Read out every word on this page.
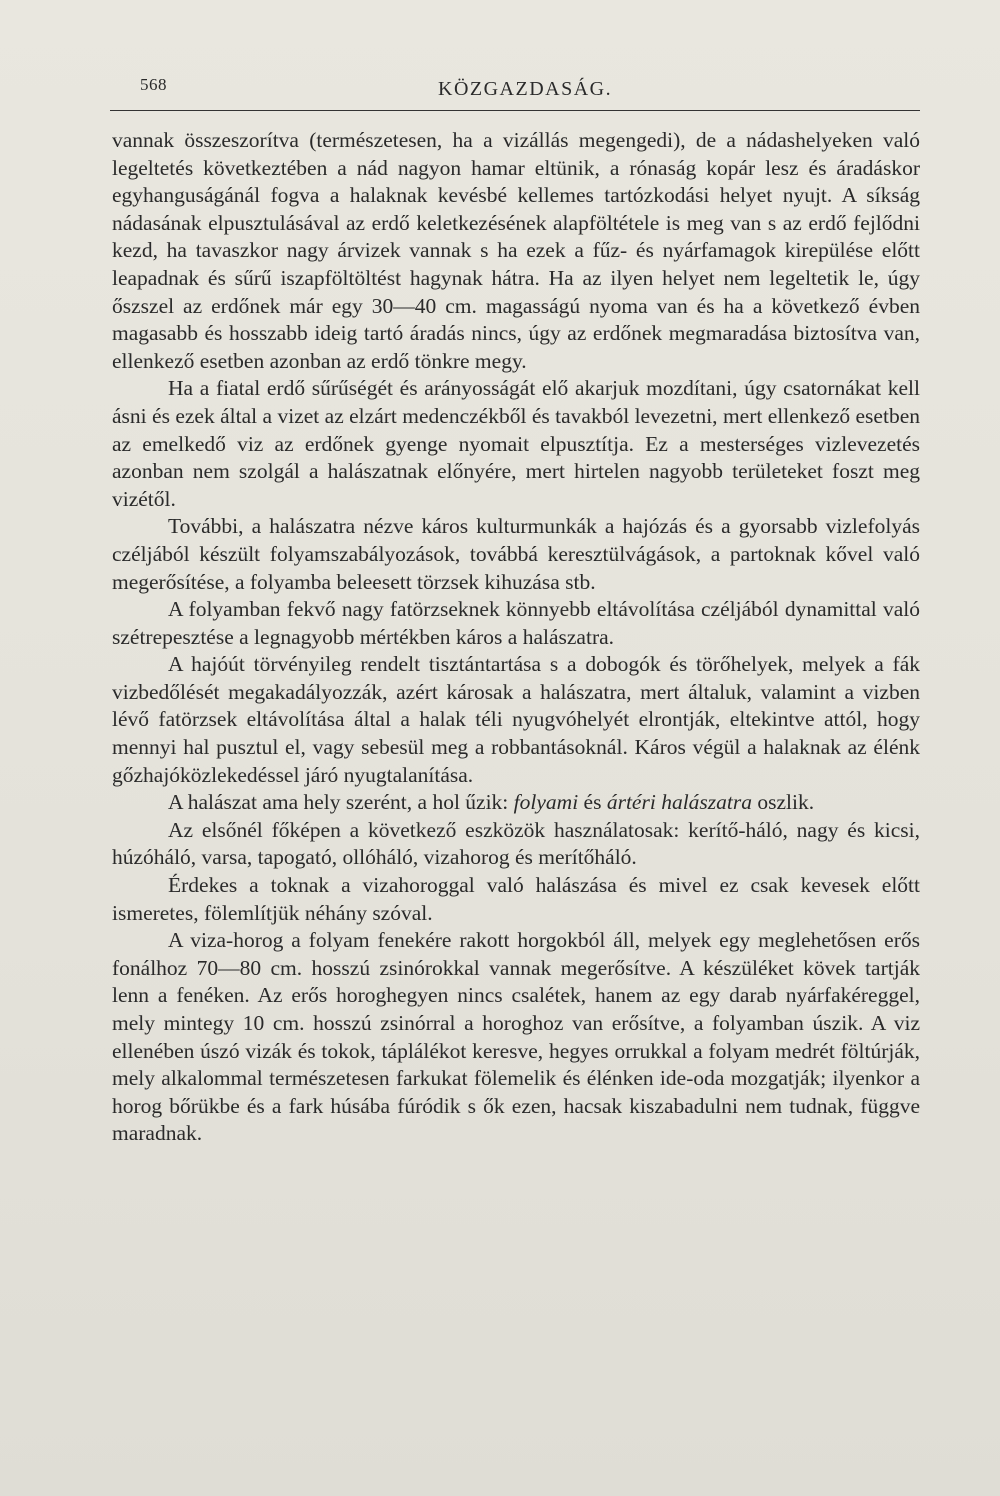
568	KÖZGAZDASÁG.

vannak összeszorítva (természetesen, ha a vizállás megengedi), de a nádashelyeken való legeltetés következtében a nád nagyon hamar eltünik, a rónaság kopár lesz és áradáskor egyhanguságánál fogva a halaknak kevésbé kellemes tartózkodási helyet nyujt. A síkság nádasának elpusztulásával az erdő keletkezésének alapföltétele is meg van s az erdő fejlődni kezd, ha tavaszkor nagy árvizek vannak s ha ezek a fűz- és nyárfamagok kirepülése előtt leapadnak és sűrű iszapföltöltést hagynak hátra. Ha az ilyen helyet nem legeltetik le, úgy őszszel az erdőnek már egy 30—40 cm. magasságú nyoma van és ha a következő évben magasabb és hosszabb ideig tartó áradás nincs, úgy az erdőnek megmaradása biztosítva van, ellenkező esetben azonban az erdő tönkre megy.

Ha a fiatal erdő sűrűségét és arányosságát elő akarjuk mozdítani, úgy csatornákat kell ásni és ezek által a vizet az elzárt medenczékből és tavakból levezetni, mert ellenkező esetben az emelkedő viz az erdőnek gyenge nyomait elpusztítja. Ez a mesterséges vizlevezetés azonban nem szolgál a halászatnak előnyére, mert hirtelen nagyobb területeket foszt meg vizétől.

További, a halászatra nézve káros kulturmunkák a hajózás és a gyorsabb vizlefolyás czéljából készült folyamszabályozások, továbbá keresztülvágások, a partoknak kővel való megerősítése, a folyamba beleesett törzsek kihuzása stb.

A folyamban fekvő nagy fatörzseknek könnyebb eltávolítása czéljából dynamittal való szétrepesztése a legnagyobb mértékben káros a halászatra.

A hajóút törvényileg rendelt tisztántartása s a dobogók és törőhelyek, melyek a fák vizbedőlését megakadályozzák, azért károsak a halászatra, mert általuk, valamint a vizben lévő fatörzsek eltávolítása által a halak téli nyugvóhelyét elrontják, eltekintve attól, hogy mennyi hal pusztul el, vagy sebesül meg a robbantásoknál. Káros végül a halaknak az élénk gőzhajóközlekedéssel járó nyugtalanítása.

A halászat ama hely szerént, a hol űzik: folyami és ártéri halászatra oszlik.

Az elsőnél főképen a következő eszközök használatosak: kerítő-háló, nagy és kicsi, húzóháló, varsa, tapogató, ollóháló, vizahorog és merítőháló.

Érdekes a toknak a vizahoroggal való halászása és mivel ez csak kevesek előtt ismeretes, fölemlítjük néhány szóval.

A viza-horog a folyam fenekére rakott horgokból áll, melyek egy meglehetősen erős fonálhoz 70—80 cm. hosszú zsinórokkal vannak megerősítve. A készüléket kövek tartják lenn a fenéken. Az erős horoghegyen nincs csalétek, hanem az egy darab nyárfakéreggel, mely mintegy 10 cm. hosszú zsinórral a horoghoz van erősítve, a folyamban úszik. A viz ellenében úszó vizák és tokok, táplálékot keresve, hegyes orrukkal a folyam medrét föltúrják, mely alkalommal természetesen farkukat fölemelik és élénken ide-oda mozgatják; ilyenkor a horog bőrükbe és a fark húsába fúródik s ők ezen, hacsak kiszabadulni nem tudnak, függve maradnak.
